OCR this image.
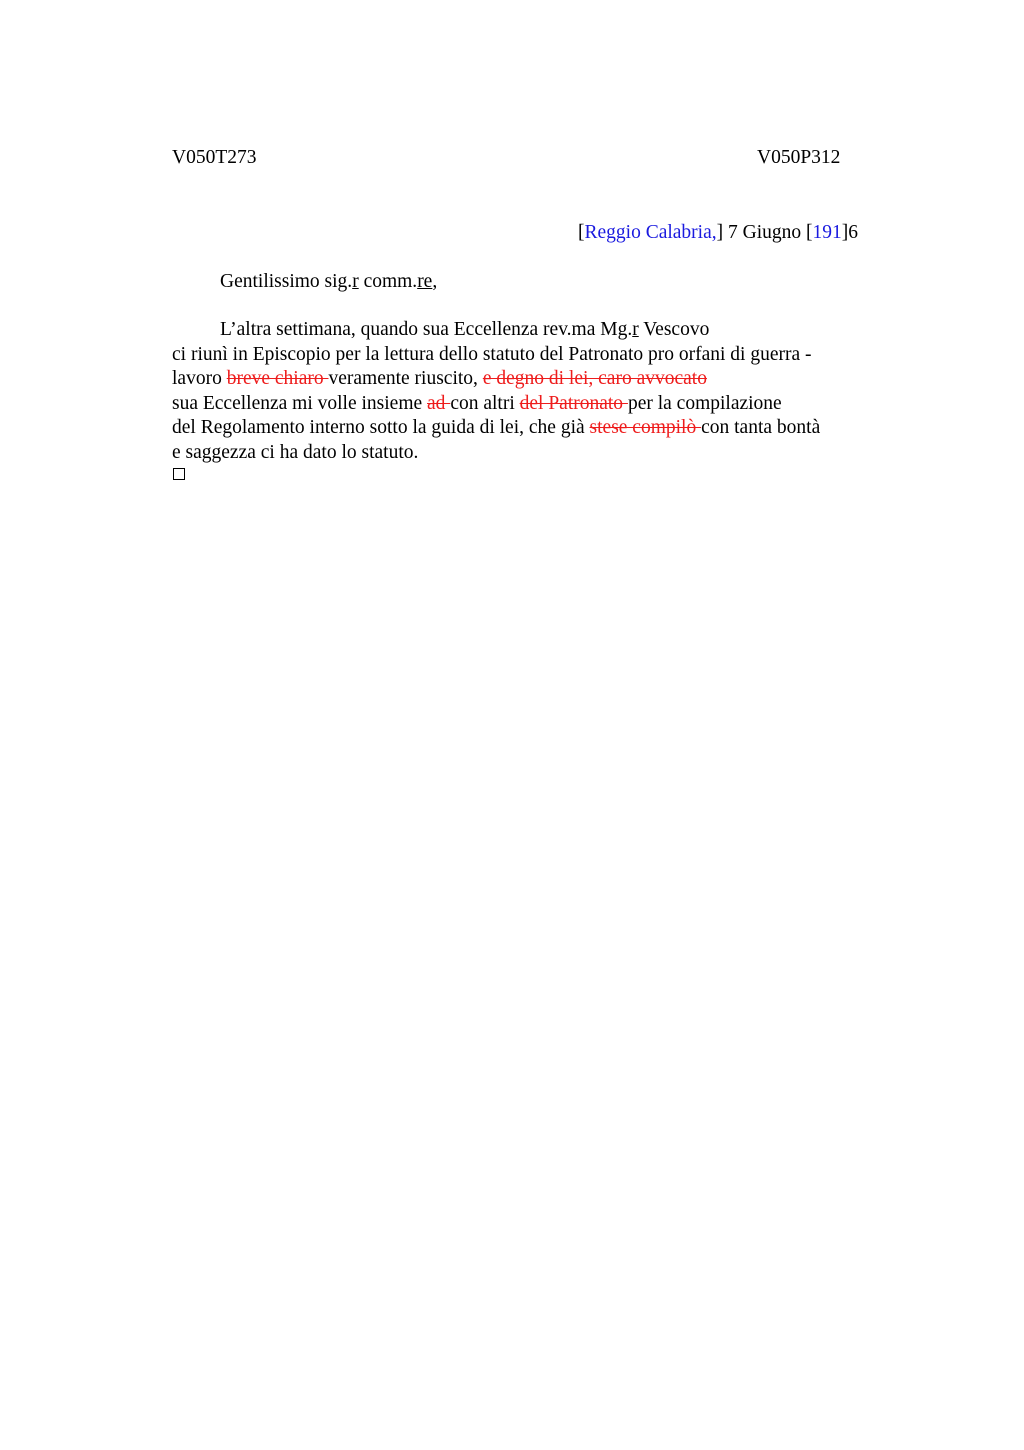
V050T273	V050P312
[Reggio Calabria,] 7 Giugno [191]6
Gentilissimo sig.r comm.re,
L’altra settimana, quando sua Eccellenza rev.ma Mg.r Vescovo
ci riunì in Episcopio per la lettura dello statuto del Patronato pro orfani di guerra -
lavoro breve chiaro veramente riuscito, e degno di lei, caro avvocato
sua Eccellenza mi volle insieme ad con altri del Patronato per la compilazione
del Regolamento interno sotto la guida di lei, che già stese compilò con tanta bontà
e saggezza ci ha dato lo statuto.
